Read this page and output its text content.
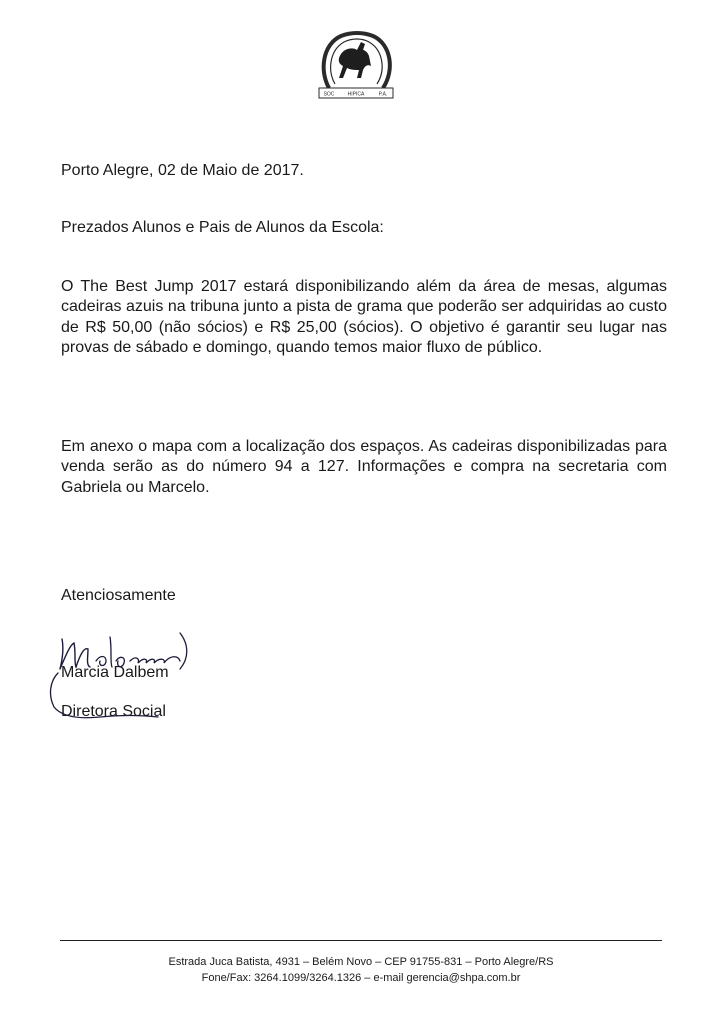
1936
SOC	HIPICA	P.A.

Porto Alegre, 02 de Maio de 2017.

Prezados Alunos e Pais de Alunos da Escola:

O The Best Jump 2017 estará disponibilizando além da área de mesas, algumas cadeiras azuis na tribuna junto a pista de grama que poderão ser adquiridas ao custo de R$ 50,00 (não sócios) e R$ 25,00 (sócios). O objetivo é garantir seu lugar nas provas de sábado e domingo, quando temos maior fluxo de público.

Em anexo o mapa com a localização dos espaços. As cadeiras disponibilizadas para venda serão as do número 94 a 127. Informações e compra na secretaria com Gabriela ou Marcelo.

Atenciosamente

Marcia Dalbem

Diretora Social

Estrada Juca Batista, 4931 – Belém Novo – CEP 91755-831 – Porto Alegre/RS

Fone/Fax: 3264.1099/3264.1326 – e-mail gerencia@shpa.com.br
